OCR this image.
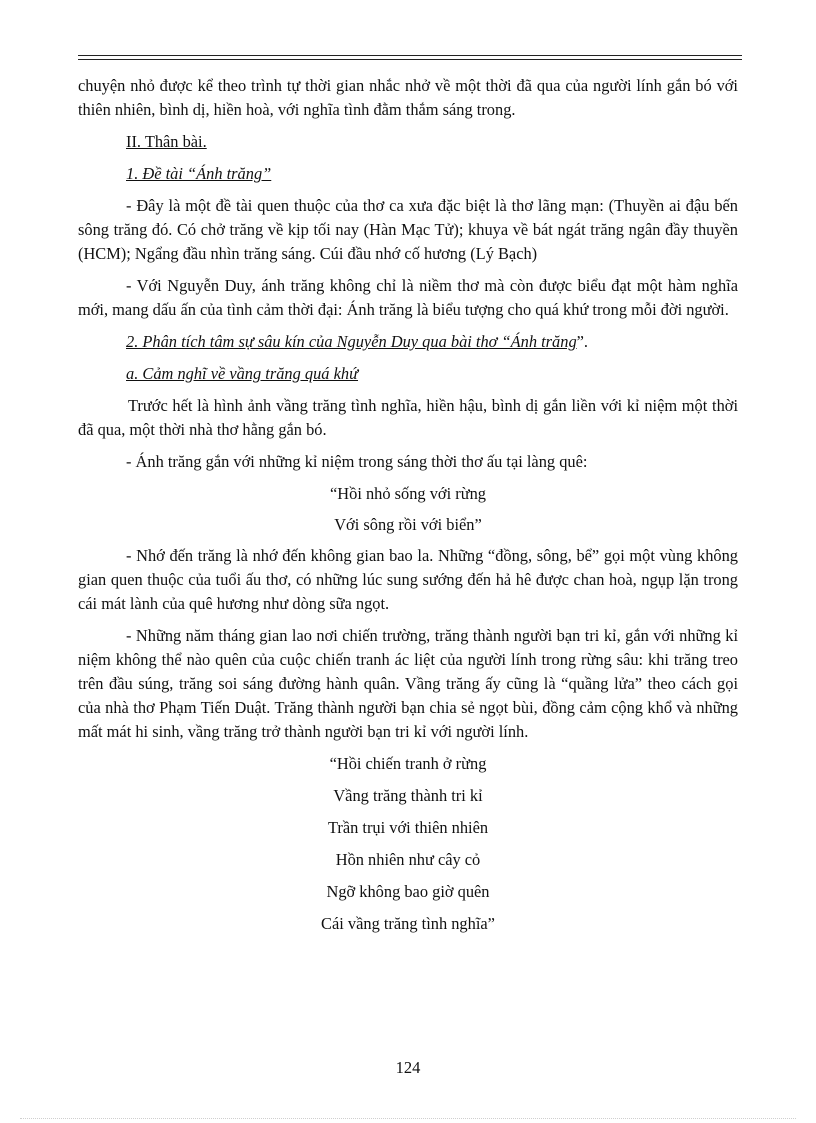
chuyện nhỏ được kể theo trình tự thời gian nhắc nhở về một thời đã qua của người lính gắn bó với thiên nhiên, bình dị, hiền hoà, với nghĩa tình đằm thắm sáng trong.

II. Thân bài.

1. Đề tài “Ánh trăng”

- Đây là một đề tài quen thuộc của thơ ca xưa đặc biệt là thơ lãng mạn: (Thuyền ai đậu bến sông trăng đó. Có chở trăng về kịp tối nay (Hàn Mạc Tử); khuya về bát ngát trăng ngân đầy thuyền (HCM); Ngẩng đầu nhìn trăng sáng. Cúi đầu nhớ cố hương (Lý Bạch)

- Với Nguyễn Duy, ánh trăng không chỉ là niềm thơ mà còn được biểu đạt một hàm nghĩa mới, mang dấu ấn của tình cảm thời đại: Ánh trăng là biểu tượng cho quá khứ trong mỗi đời người.

2. Phân tích tâm sự sâu kín của Nguyễn Duy qua bài thơ “Ánh trăng”.

a. Cảm nghĩ về vầng trăng quá khứ

Trước hết là hình ảnh vầng trăng tình nghĩa, hiền hậu, bình dị gắn liền với kỉ niệm một thời đã qua, một thời nhà thơ hằng gắn bó.

- Ánh trăng gắn với những kỉ niệm trong sáng thời thơ ấu tại làng quê:

“Hồi nhỏ sống với rừng
Với sông rồi với biển”

- Nhớ đến trăng là nhớ đến không gian bao la. Những “đồng, sông, bể” gọi một vùng không gian quen thuộc của tuổi ấu thơ, có những lúc sung sướng đến hả hê được chan hoà, ngụp lặn trong cái mát lành của quê hương như dòng sữa ngọt.

- Những năm tháng gian lao nơi chiến trường, trăng thành người bạn tri kỉ, gắn với những kỉ niệm không thể nào quên của cuộc chiến tranh ác liệt của người lính trong rừng sâu: khi trăng treo trên đầu súng, trăng soi sáng đường hành quân. Vầng trăng ấy cũng là “quầng lửa” theo cách gọi của nhà thơ Phạm Tiến Duật. Trăng thành người bạn chia sẻ ngọt bùi, đồng cảm cộng khổ và những mất mát hi sinh, vầng trăng trở thành người bạn tri kỉ với người lính.

“Hồi chiến tranh ở rừng
Vầng trăng thành tri kỉ
Trần trụi với thiên nhiên
Hồn nhiên như cây cỏ
Ngỡ không bao giờ quên
Cái vầng trăng tình nghĩa”
124
